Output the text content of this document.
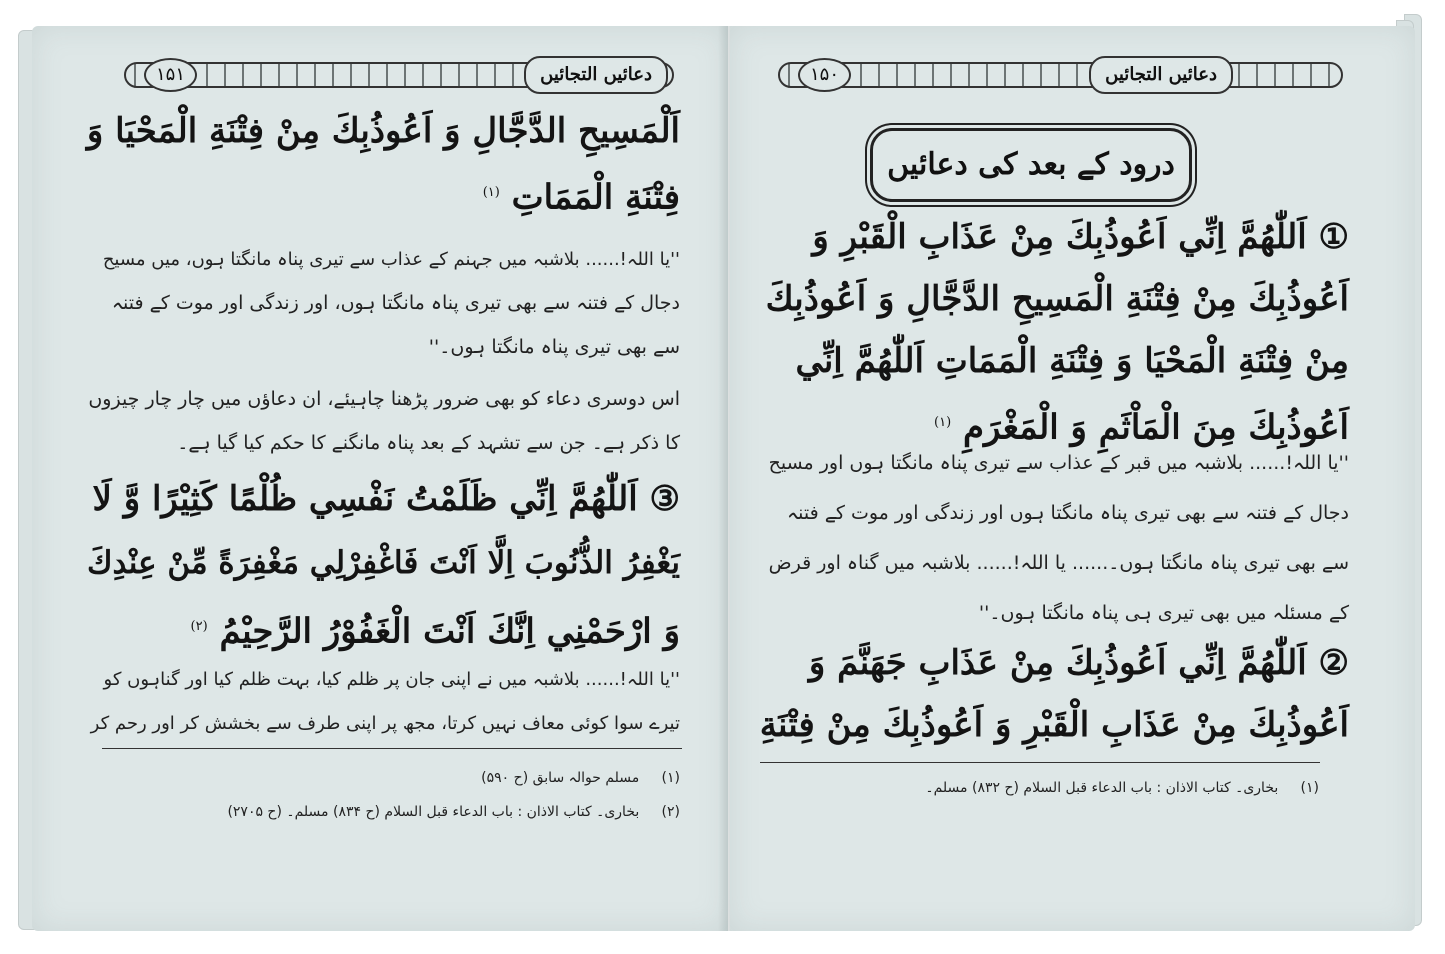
۱۵۱	دعائیں التجائیں
اَلْمَسِيحِ الدَّجَّالِ وَ اَعُوذُبِكَ مِنْ فِتْنَةِ الْمَحْيَا وَ
فِتْنَةِ الْمَمَاتِ $^{(۱)}$
''یا اللہ!...... بلاشبہ میں جہنم کے عذاب سے تیری پناہ مانگتا ہوں، میں مسیح
دجال کے فتنہ سے بھی تیری پناہ مانگتا ہوں، اور زندگی اور موت کے فتنہ
سے بھی تیری پناہ مانگتا ہوں۔''
اس دوسری دعاء کو بھی ضرور پڑھنا چاہیئے، ان دعاؤں میں چار چار چیزوں
کا ذکر ہے۔ جن سے تشہد کے بعد پناہ مانگنے کا حکم کیا گیا ہے۔
③ اَللّٰهُمَّ اِنِّي ظَلَمْتُ نَفْسِي ظُلْمًا كَثِيْرًا وَّ لَا
يَغْفِرُ الذُّنُوبَ اِلَّا اَنْتَ فَاغْفِرْلِي مَغْفِرَةً مِّنْ عِنْدِكَ
وَ ارْحَمْنِي اِنَّكَ اَنْتَ الْغَفُوْرُ الرَّحِيْمُ $^{(۲)}$
''یا اللہ!...... بلاشبہ میں نے اپنی جان پر ظلم کیا، بہت ظلم کیا اور گناہوں کو
تیرے سوا کوئی معاف نہیں کرتا، مجھ پر اپنی طرف سے بخشش کر اور رحم کر
(۱)     مسلم حوالہ سابق (ح ۵۹۰)
(۲)     بخاری۔ کتاب الاذان : باب الدعاء قبل السلام (ح ۸۳۴) مسلم۔ (ح ۲۷۰۵)
۱۵۰	دعائیں التجائیں
درود کے بعد کی دعائیں
① اَللّٰهُمَّ اِنِّي اَعُوذُبِكَ مِنْ عَذَابِ الْقَبْرِ وَ
اَعُوذُبِكَ مِنْ فِتْنَةِ الْمَسِيحِ الدَّجَّالِ وَ اَعُوذُبِكَ
مِنْ فِتْنَةِ الْمَحْيَا وَ فِتْنَةِ الْمَمَاتِ اَللّٰهُمَّ اِنِّي
اَعُوذُبِكَ مِنَ الْمَاْثَمِ وَ الْمَغْرَمِ $^{(۱)}$
''یا اللہ!...... بلاشبہ میں قبر کے عذاب سے تیری پناہ مانگتا ہوں اور مسیح
دجال کے فتنہ سے بھی تیری پناہ مانگتا ہوں اور زندگی اور موت کے فتنہ
سے بھی تیری پناہ مانگتا ہوں۔...... یا اللہ!...... بلاشبہ میں گناہ اور قرض
کے مسئلہ میں بھی تیری ہی پناہ مانگتا ہوں۔''
② اَللّٰهُمَّ اِنِّي اَعُوذُبِكَ مِنْ عَذَابِ جَهَنَّمَ وَ
اَعُوذُبِكَ مِنْ عَذَابِ الْقَبْرِ وَ اَعُوذُبِكَ مِنْ فِتْنَةِ
(۱)     بخاری۔ کتاب الاذان : باب الدعاء قبل السلام (ح ۸۳۲) مسلم۔
